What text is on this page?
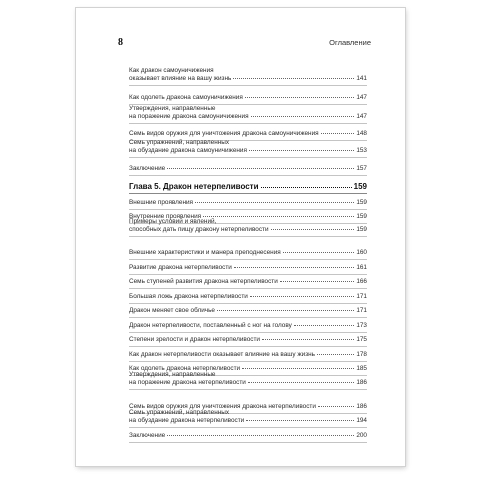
8	Оглавление
Как дракон самоуничижения
оказывает влияние на вашу жизнь	141
Как одолеть дракона самоуничижения	147
Утверждения, направленные
на поражение дракона самоуничижения	147
Семь видов оружия для уничтожения дракона самоуничижения	148
Семь упражнений, направленных
на обуздание дракона самоуничижения	153
Заключение	157
Глава 5. Дракон нетерпеливости	159
Внешние проявления	159
Внутренние проявления	159
Примеры условий и явлений,
способных дать пищу дракону нетерпеливости	159
Внешние характеристики и манера преподнесения	160
Развитие дракона нетерпеливости	161
Семь ступеней развития дракона нетерпеливости	166
Большая ложь дракона нетерпеливости	171
Дракон меняет свое обличье	171
Дракон нетерпеливости, поставленный с ног на голову	173
Степени зрелости и дракон нетерпеливости	175
Как дракон нетерпеливости оказывает влияние на вашу жизнь	178
Как одолеть дракона нетерпеливости	185
Утверждения, направленные
на поражение дракона нетерпеливости	186
Семь видов оружия для уничтожения дракона нетерпеливости	186
Семь упражнений, направленных
на обуздание дракона нетерпеливости	194
Заключение	200
